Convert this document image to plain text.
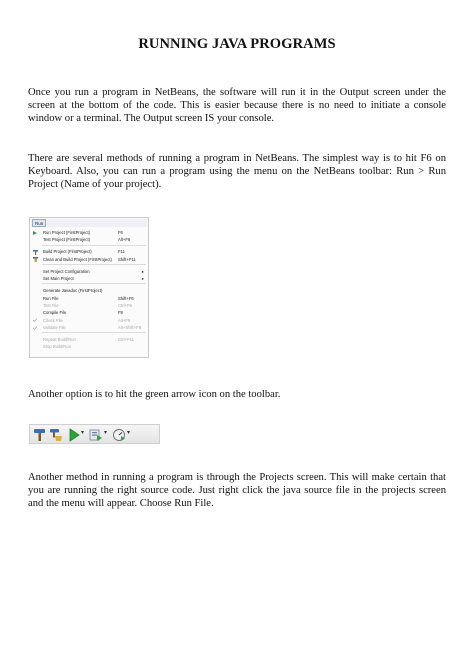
RUNNING JAVA PROGRAMS

Once you run a program in NetBeans, the software will run it in the Output screen under the screen at the bottom of the code. This is easier because there is no need to initiate a console window or a terminal. The Output screen IS your console.

There are several methods of running a program in NetBeans. The simplest way is to hit F6 on Keyboard. Also, you can run a program using the menu on the NetBeans toolbar: Run > Run Project (Name of your project).

Run
Run Project (FirstProject)	F6
Test Project (FirstProject)	Alt+F6
Build Project (FirstProject)	F11
Clean and Build Project (FirstProject) Shift+F11
Set Project Configuration	▸
Set Main Project	▸
Generate Javadoc (FirstProject)
Run File	Shift+F6
Test File	Ctrl+F6
Compile File	F9
Check File	Alt+F9
Validate File	Alt+Shift+F9
Repeat Build/Run	Ctrl+F11
Stop Build/Run

Another option is to hit the green arrow icon on the toolbar.

▾	▾	▾

Another method in running a program is through the Projects screen. This will make certain that you are running the right source code. Just right click the java source file in the projects screen and the menu will appear. Choose Run File.
